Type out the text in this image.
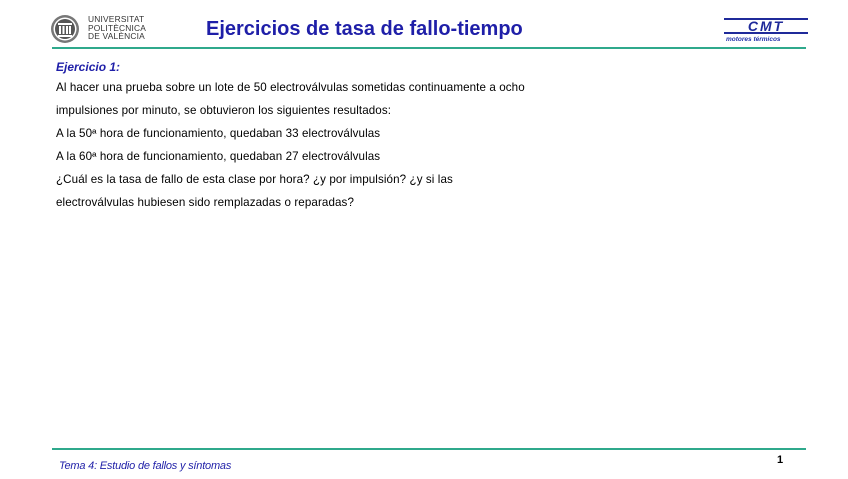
UNIVERSITAT
POLITÈCNICA
DE VALÈNCIA	Ejercicios de tasa de fallo-tiempo	CMT
motores térmicos
Ejercicio 1:
Al hacer una prueba sobre un lote de 50 electroválvulas sometidas continuamente a ocho
impulsiones por minuto, se obtuvieron los siguientes resultados:
A la 50ª hora de funcionamiento, quedaban 33 electroválvulas
A la 60ª hora de funcionamiento, quedaban 27 electroválvulas
¿Cuál es la tasa de fallo de esta clase por hora? ¿y por impulsión? ¿y si las
electroválvulas hubiesen sido remplazadas o reparadas?
Tema 4: Estudio de fallos y síntomas	1
